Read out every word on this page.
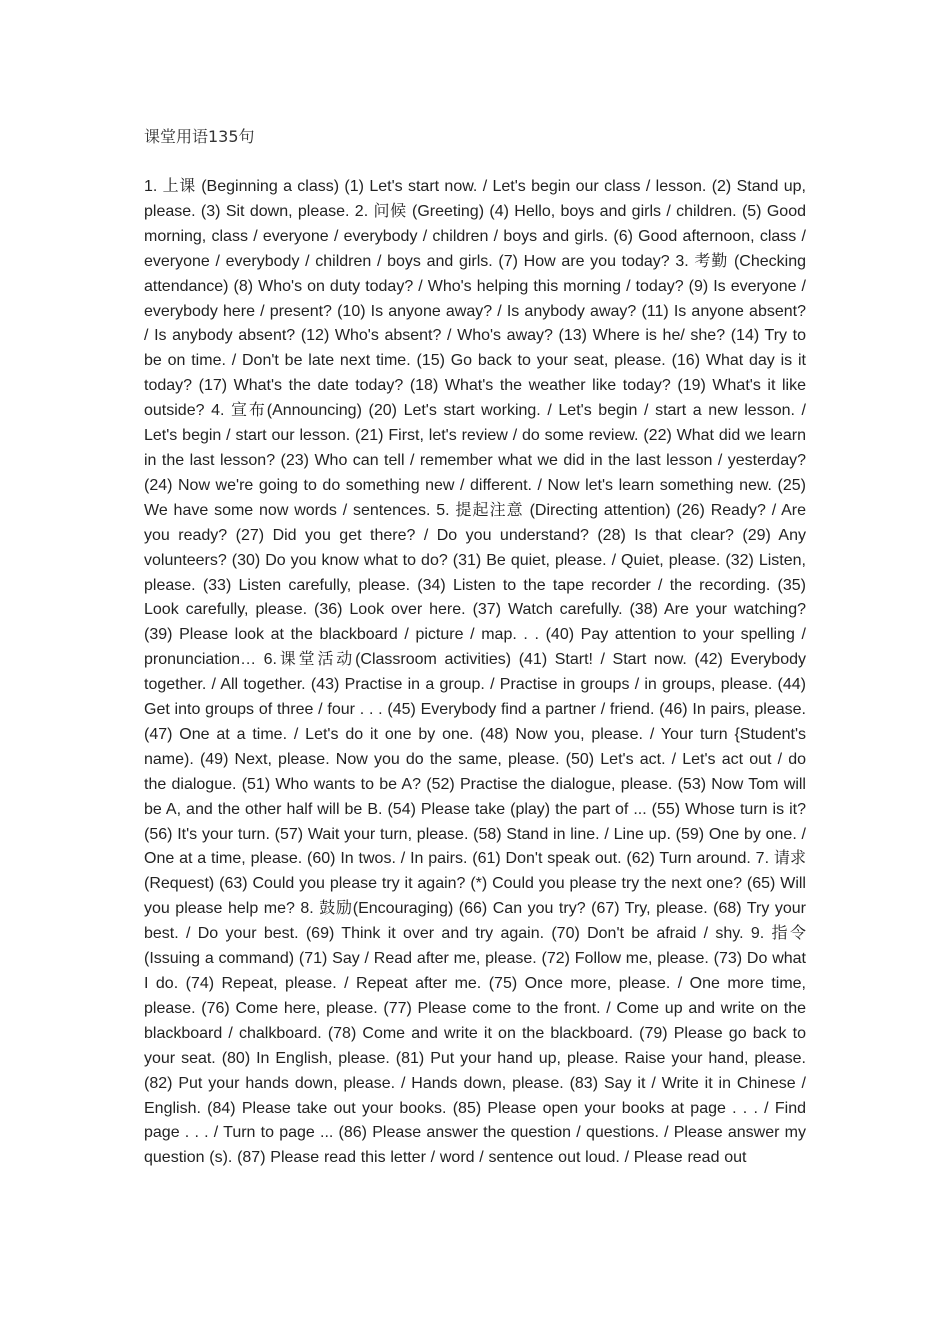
课堂用语135句

1. 上课 (Beginning a class) (1) Let's start now. / Let's begin our class / lesson. (2) Stand up, please. (3) Sit down, please. 2. 问候 (Greeting) (4) Hello, boys and girls / children. (5) Good morning, class / everyone / everybody / children / boys and girls. (6) Good afternoon, class / everyone / everybody / children / boys and girls. (7) How are you today? 3. 考勤 (Checking attendance) (8) Who's on duty today? / Who's helping this morning / today? (9) Is everyone / everybody here / present? (10) Is anyone away? / Is anybody away? (11) Is anyone absent? / Is anybody absent? (12) Who's absent? / Who's away? (13) Where is he/ she? (14) Try to be on time. / Don't be late next time. (15) Go back to your seat, please. (16) What day is it today? (17) What's the date today? (18) What's the weather like today? (19) What's it like outside? 4. 宣布(Announcing) (20) Let's start working. / Let's begin / start a new lesson. / Let's begin / start our lesson. (21) First, let's review / do some review. (22) What did we learn in the last lesson? (23) Who can tell / remember what we did in the last lesson / yesterday? (24) Now we're going to do something new / different. / Now let's learn something new. (25) We have some now words / sentences. 5. 提起注意 (Directing attention) (26) Ready? / Are you ready? (27) Did you get there? / Do you understand? (28) Is that clear? (29) Any volunteers? (30) Do you know what to do? (31) Be quiet, please. / Quiet, please. (32) Listen, please. (33) Listen carefully, please. (34) Listen to the tape recorder / the recording. (35) Look carefully, please. (36) Look over here. (37) Watch carefully. (38) Are your watching? (39) Please look at the blackboard / picture / map. . . (40) Pay attention to your spelling / pronunciation… 6.课堂活动(Classroom activities) (41) Start! / Start now. (42) Everybody together. / All together. (43) Practise in a group. / Practise in groups / in groups, please. (44) Get into groups of three / four . . . (45) Everybody find a partner / friend. (46) In pairs, please. (47) One at a time. / Let's do it one by one. (48) Now you, please. / Your turn {Student's name). (49) Next, please. Now you do the same, please. (50) Let's act. / Let's act out / do the dialogue. (51) Who wants to be A? (52) Practise the dialogue, please. (53) Now Tom will be A, and the other half will be B. (54) Please take (play) the part of ... (55) Whose turn is it? (56) It's your turn. (57) Wait your turn, please. (58) Stand in line. / Line up. (59) One by one. / One at a time, please. (60) In twos. / In pairs. (61) Don't speak out. (62) Turn around. 7. 请求(Request) (63) Could you please try it again? (*) Could you please try the next one? (65) Will you please help me? 8. 鼓励(Encouraging) (66) Can you try? (67) Try, please. (68) Try your best. / Do your best. (69) Think it over and try again. (70) Don't be afraid / shy. 9. 指令(Issuing a command) (71) Say / Read after me, please. (72) Follow me, please. (73) Do what I do. (74) Repeat, please. / Repeat after me. (75) Once more, please. / One more time, please. (76) Come here, please. (77) Please come to the front. / Come up and write on the blackboard / chalkboard. (78) Come and write it on the blackboard. (79) Please go back to your seat. (80) In English, please. (81) Put your hand up, please. Raise your hand, please. (82) Put your hands down, please. / Hands down, please. (83) Say it / Write it in Chinese / English. (84) Please take out your books. (85) Please open your books at page . . . / Find page . . . / Turn to page ... (86) Please answer the question / questions. / Please answer my question (s). (87) Please read this letter / word / sentence out loud. / Please read out
